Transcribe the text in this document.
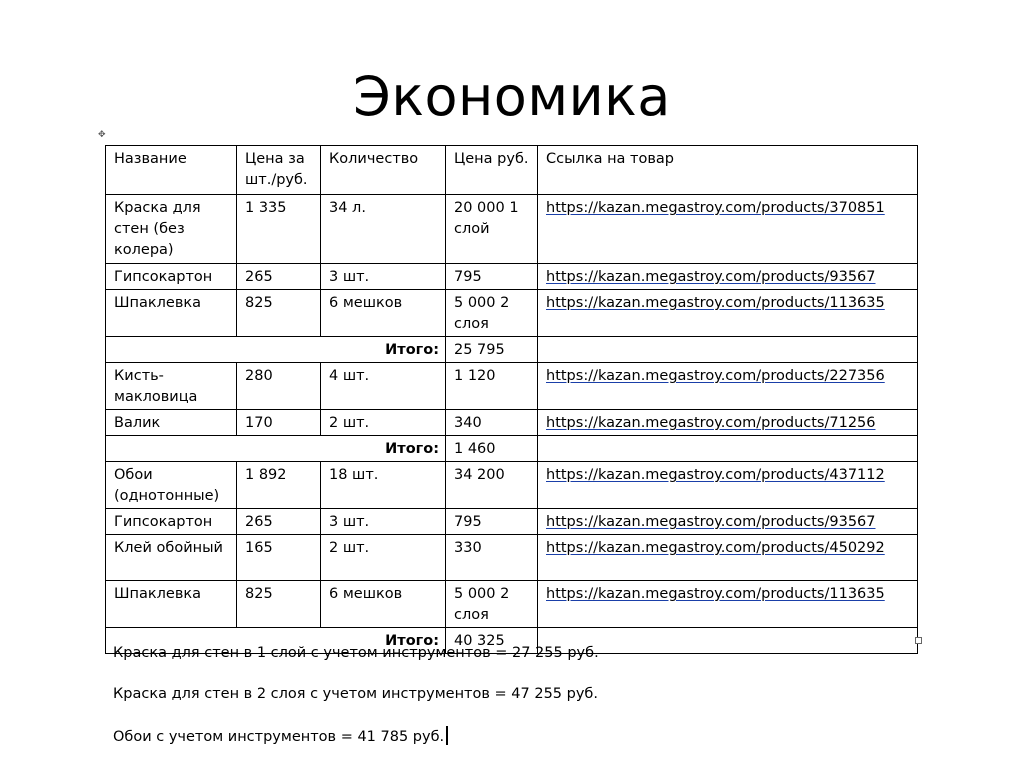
Экономика
✥
Название	Цена за шт./руб.	Количество	Цена руб.	Ссылка на товар
Краска для стен (без колера)	1 335	34 л.	20 000 1 слой	https://kazan.megastroy.com/products/370851
Гипсокартон	265	3 шт.	795	https://kazan.megastroy.com/products/93567
Шпаклевка	825	6 мешков	5 000 2 слоя	https://kazan.megastroy.com/products/113635
Итого:			25 795	
Кисть-макловица	280	4 шт.	1 120	https://kazan.megastroy.com/products/227356
Валик	170	2 шт.	340	https://kazan.megastroy.com/products/71256
Итого:			1 460	
Обои (однотонные)	1 892	18 шт.	34 200	https://kazan.megastroy.com/products/437112
Гипсокартон	265	3 шт.	795	https://kazan.megastroy.com/products/93567
Клей обойный	165	2 шт.	330	https://kazan.megastroy.com/products/450292
Шпаклевка	825	6 мешков	5 000 2 слоя	https://kazan.megastroy.com/products/113635
Итого:			40 325	
Краска для стен в 1 слой с учетом инструментов = 27 255 руб.
Краска для стен в 2 слоя с учетом инструментов = 47 255 руб.
Обои с учетом инструментов = 41 785 руб.
